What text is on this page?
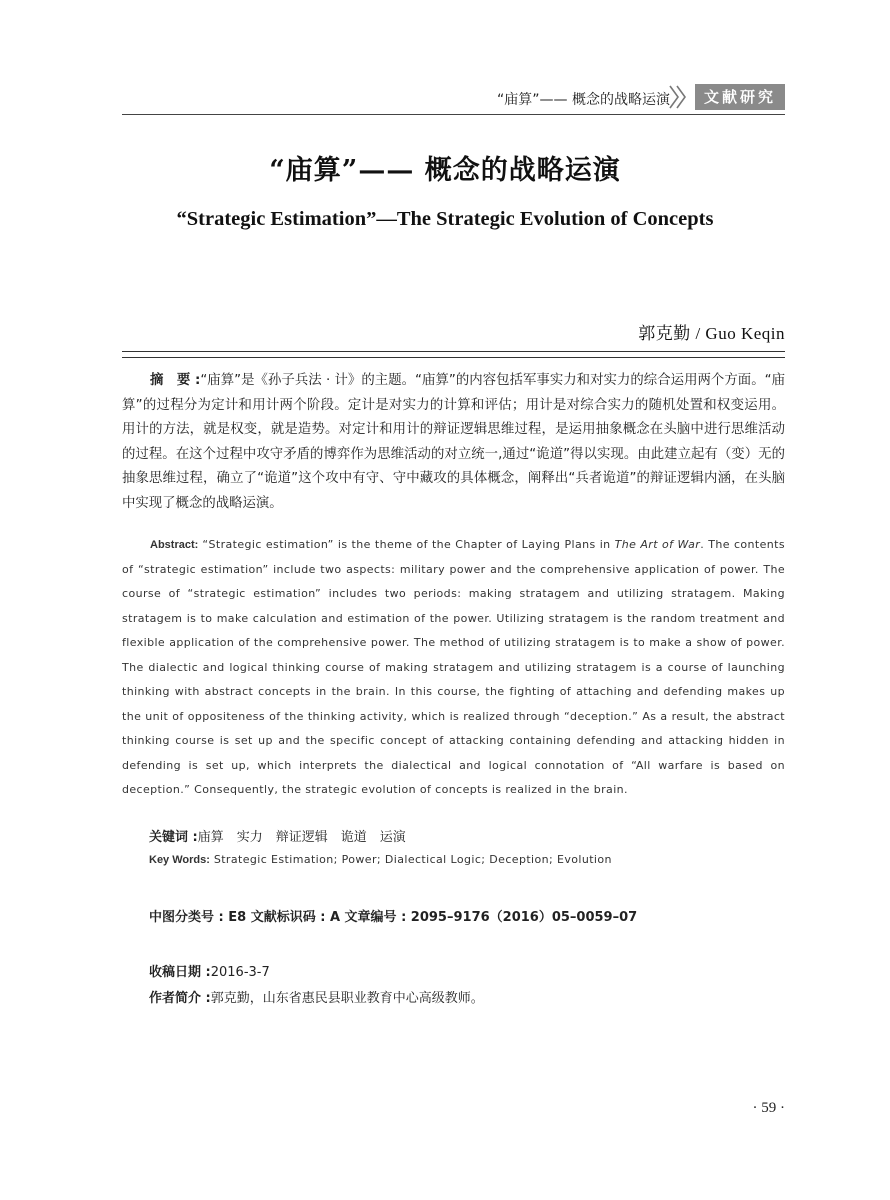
“庙算”—— 概念的战略运演	文献研究
“庙算”—— 概念的战略运演
“Strategic Estimation”—The Strategic Evolution of Concepts
郭克勤 / Guo Keqin

摘　要 :“庙算”是《孙子兵法 · 计》的主题。“庙算”的内容包括军事实力和对实力的综合运用两个方面。“庙算”的过程分为定计和用计两个阶段。定计是对实力的计算和评估；用计是对综合实力的随机处置和权变运用。用计的方法，就是权变，就是造势。对定计和用计的辩证逻辑思维过程，是运用抽象概念在头脑中进行思维活动的过程。在这个过程中攻守矛盾的博弈作为思维活动的对立统一,通过“诡道”得以实现。由此建立起有（变）无的抽象思维过程，确立了“诡道”这个攻中有守、守中藏攻的具体概念，阐释出“兵者诡道”的辩证逻辑内涵，在头脑中实现了概念的战略运演。

Abstract: “Strategic estimation” is the theme of the Chapter of Laying Plans in The Art of War. The contents of “strategic estimation” include two aspects: military power and the comprehensive application of power. The course of “strategic estimation” includes two periods: making stratagem and utilizing stratagem. Making stratagem is to make calculation and estimation of the power. Utilizing stratagem is the random treatment and flexible application of the comprehensive power. The method of utilizing stratagem is to make a show of power. The dialectic and logical thinking course of making stratagem and utilizing stratagem is a course of launching thinking with abstract concepts in the brain. In this course, the fighting of attaching and defending makes up the unit of oppositeness of the thinking activity, which is realized through “deception.” As a result, the abstract thinking course is set up and the specific concept of attacking containing defending and attacking hidden in defending is set up, which interprets the dialectical and logical connotation of “All warfare is based on deception.” Consequently, the strategic evolution of concepts is realized in the brain.

关键词 :庙算　实力　辩证逻辑　诡道　运演
Key Words: Strategic Estimation; Power; Dialectical Logic; Deception; Evolution
中图分类号 : E8 文献标识码 : A 文章编号 : 2095–9176（2016）05–0059–07
收稿日期 :2016-3-7
作者简介 :郭克勤，山东省惠民县职业教育中心高级教师。
· 59 ·
